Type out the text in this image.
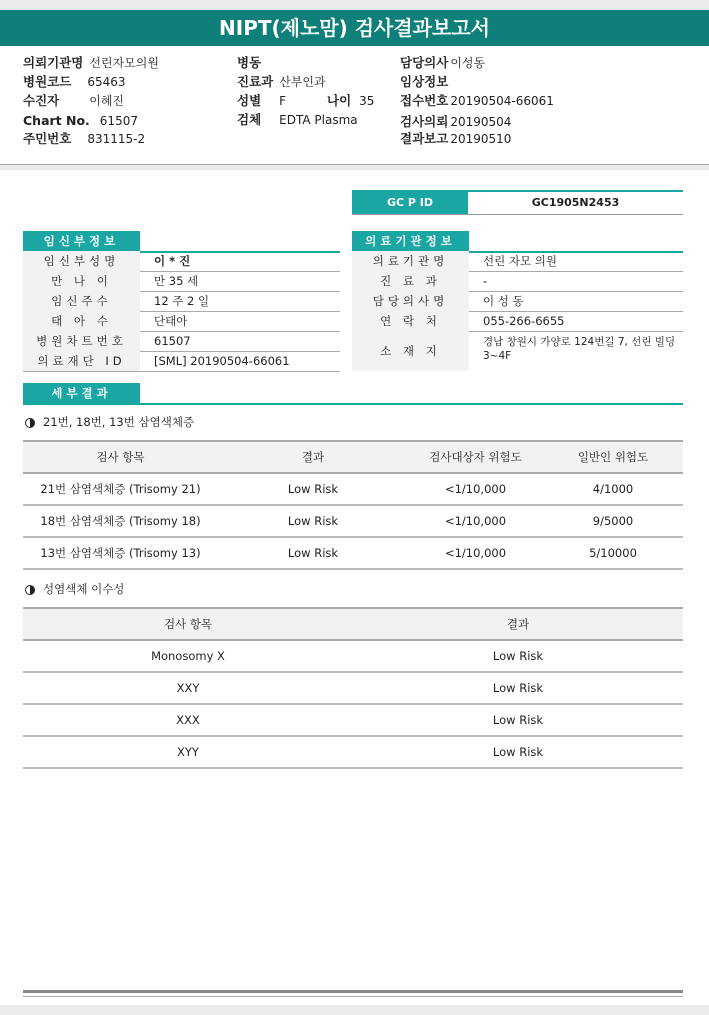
NIPT(제노맘) 검사결과보고서
의뢰기관명 선린자모의원
병원코드 65463
수진자	이혜진
Chart No. 61507
주민번호 831115-2
병동
진료과 산부인과
성별 F	나이 35
검체 EDTA Plasma
담당의사 이성동
임상정보
접수번호 20190504-66061
검사의뢰 20190504
결과보고 20190510
GC P ID	GC1905N2453
임신부정보
임신부성명	이 * 진
만 나 이	만 35 세
임신주수	12 주 2 일
태 아 수	단태아
병원차트번호	61507
의료재단 ID	[SML] 20190504-66061
의료기관정보
의료기관명	선린 자모 의원
진 료 과	-
담당의사명	이 성 동
연 락 처	055-266-6655
소 재 지
경남 창원시 가양로 124번길 7, 선린 빌딩 3~4F
세부결과
21번, 18번, 13번 삼염색체증
검사 항목	결과	검사대상자 위험도	일반인 위험도
21번 삼염색체증 (Trisomy 21)	Low Risk	<1/10,000	4/1000
18번 삼염색체증 (Trisomy 18)	Low Risk	<1/10,000	9/5000
13번 삼염색체증 (Trisomy 13)	Low Risk	<1/10,000	5/10000
성염색체 이수성
검사 항목	결과
Monosomy X	Low Risk
XXY	Low Risk
XXX	Low Risk
XYY	Low Risk
